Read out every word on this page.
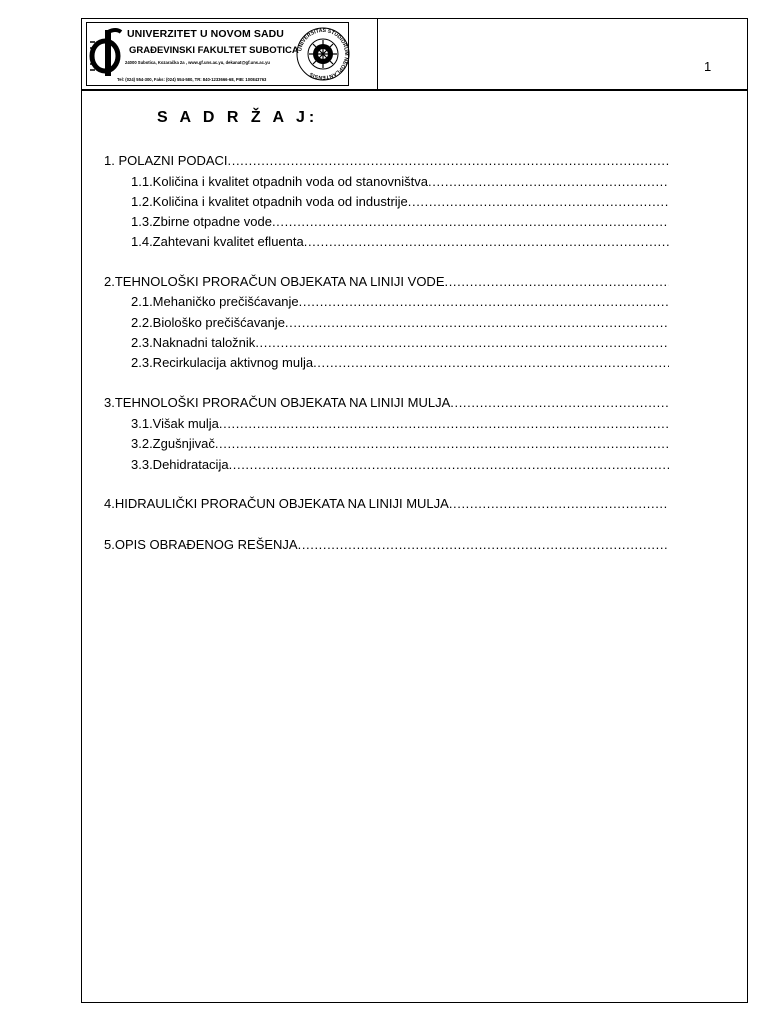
UNIVERZITET U NOVOM SADU
GRAĐEVINSKI FAKULTET SUBOTICA
24000 Subotica, Kozaračka 2a , www.gf.uns.ac.yu, dekanat@gf.uns.ac.yu
Tel: (024) 554-300, Faks: (024) 554-580, TR: 840-1233666-68, PIB: 100843763
UNIVERSITAS STUDIORUM NEOPLANTENSIS
1
S A D R Ž A J:
1. POLAZNI PODACI
.....
1.1.Količina i kvalitet otpadnih voda od stanovništva
.....
1.2.Količina i kvalitet otpadnih voda od industrije
.....
1.3.Zbirne otpadne vode
.....
1.4.Zahtevani kvalitet efluenta
.....
2.TEHNOLOŠKI PRORAČUN OBJEKATA NA LINIJI VODE
.....
2.1.Mehaničko prečišćavanje
.....
2.2.Biološko prečišćavanje
.....
2.3.Naknadni taložnik
.....
2.3.Recirkulacija aktivnog mulja
.....
3.TEHNOLOŠKI PRORAČUN OBJEKATA NA LINIJI MULJA
.....
3.1.Višak mulja
.....
3.2.Zgušnjivač
.....
3.3.Dehidratacija
.....
4.HIDRAULIČKI PRORAČUN OBJEKATA NA LINIJI MULJA
.....
5.OPIS OBRAĐENOG REŠENJA
.....
